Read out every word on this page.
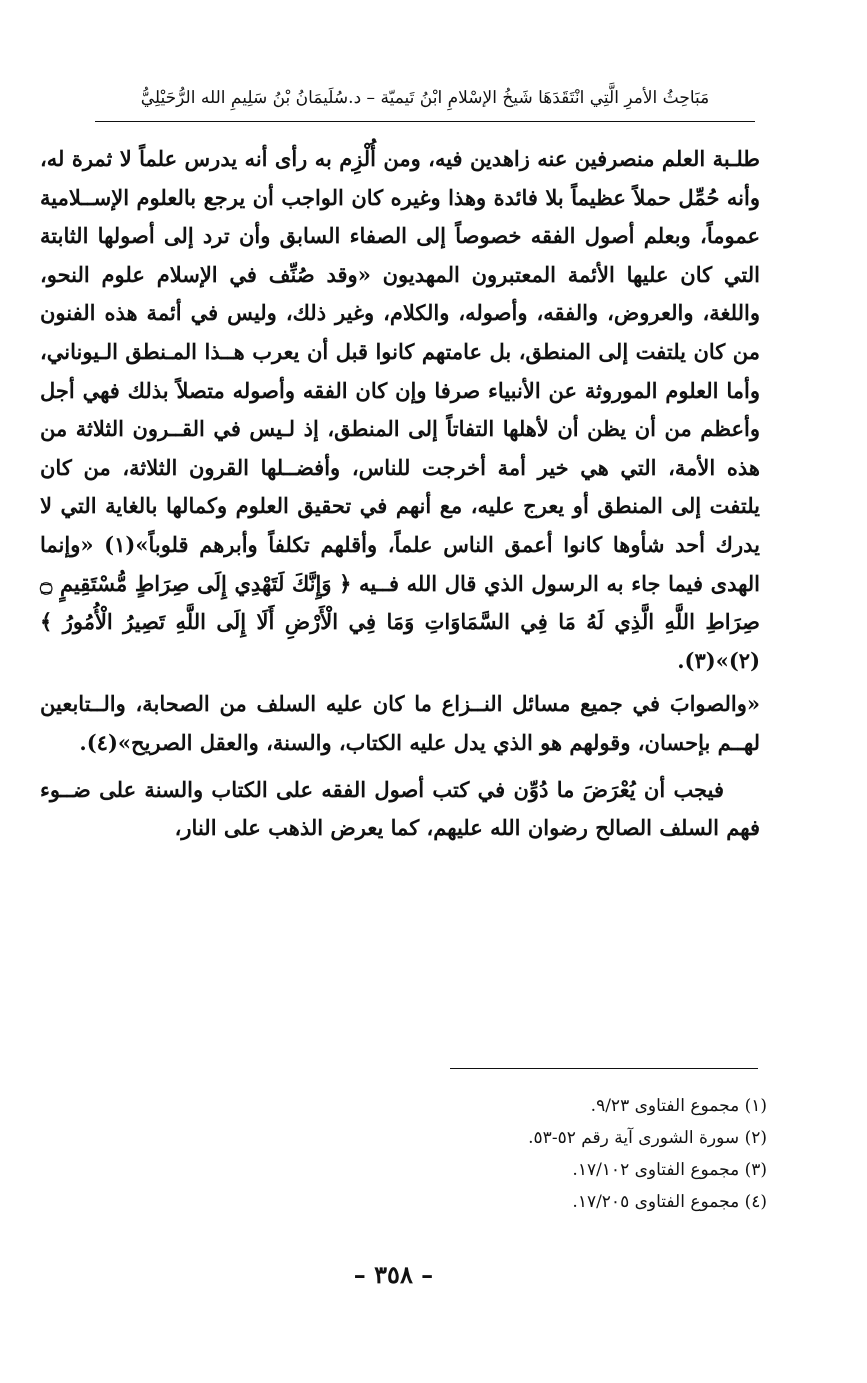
مَبَاحِثُ الأمرِ الَّتِي انْتَقَدَهَا شَيخُ الإسْلامِ ابْنُ تَيميّة – د.سُلَيمَانُ بْنُ سَلِيمِ الله الرُّحَيْلِيُّ

طلـبة العلم منصرفين عنه زاهدين فيه، ومن أُلْزِم به رأى أنه يدرس علماً لا ثمرة له، وأنه حُمِّل حملاً عظيماً بلا فائدة وهذا وغيره كان الواجب أن يرجع بالعلوم الإســلامية عموماً، وبعلم أصول الفقه خصوصاً إلى الصفاء السابق وأن ترد إلى أصولها الثابتة التي كان عليها الأئمة المعتبرون المهديون «وقد صُنِّف في الإسلام علوم النحو، واللغة، والعروض، والفقه، وأصوله، والكلام، وغير ذلك، وليس في أئمة هذه الفنون من كان يلتفت إلى المنطق، بل عامتهم كانوا قبل أن يعرب هــذا المـنطق الـيوناني، وأما العلوم الموروثة عن الأنبياء صرفا وإن كان الفقه وأصوله متصلاً بذلك فهي أجل وأعظم من أن يظن أن لأهلها التفاتاً إلى المنطق، إذ لـيس في القــرون الثلاثة من هذه الأمة، التي هي خير أمة أخرجت للناس، وأفضــلها القرون الثلاثة، من كان يلتفت إلى المنطق أو يعرج عليه، مع أنهم في تحقيق العلوم وكمالها بالغاية التي لا يدرك أحد شأوها كانوا أعمق الناس علماً، وأقلهم تكلفاً وأبرهم قلوباً»(١) «وإنما الهدى فيما جاء به الرسول الذي قال الله فــيه ﴿ وَإِنَّكَ لَتَهْدِي إِلَى صِرَاطٍ مُّسْتَقِيمٍ ۝ صِرَاطِ اللَّهِ الَّذِي لَهُ مَا فِي السَّمَاوَاتِ وَمَا فِي الْأَرْضِ أَلَا إِلَى اللَّهِ تَصِيرُ الْأُمُورُ ﴾ (٢)»(٣).

«والصوابَ في جميع مسائل النــزاع ما كان عليه السلف من الصحابة، والــتابعين لهــم بإحسان، وقولهم هو الذي يدل عليه الكتاب، والسنة، والعقل الصريح»(٤).

فيجب أن يُعْرَضَ ما دُوِّن في كتب أصول الفقه على الكتاب والسنة على ضــوء فهم السلف الصالح رضوان الله عليهم، كما يعرض الذهب على النار،

(١) مجموع الفتاوى ٩/٢٣.
(٢) سورة الشورى آية رقم ٥٢-٥٣.
(٣) مجموع الفتاوى ١٧/١٠٢.
(٤) مجموع الفتاوى ١٧/٢٠٥.
– ٣٥٨ –
